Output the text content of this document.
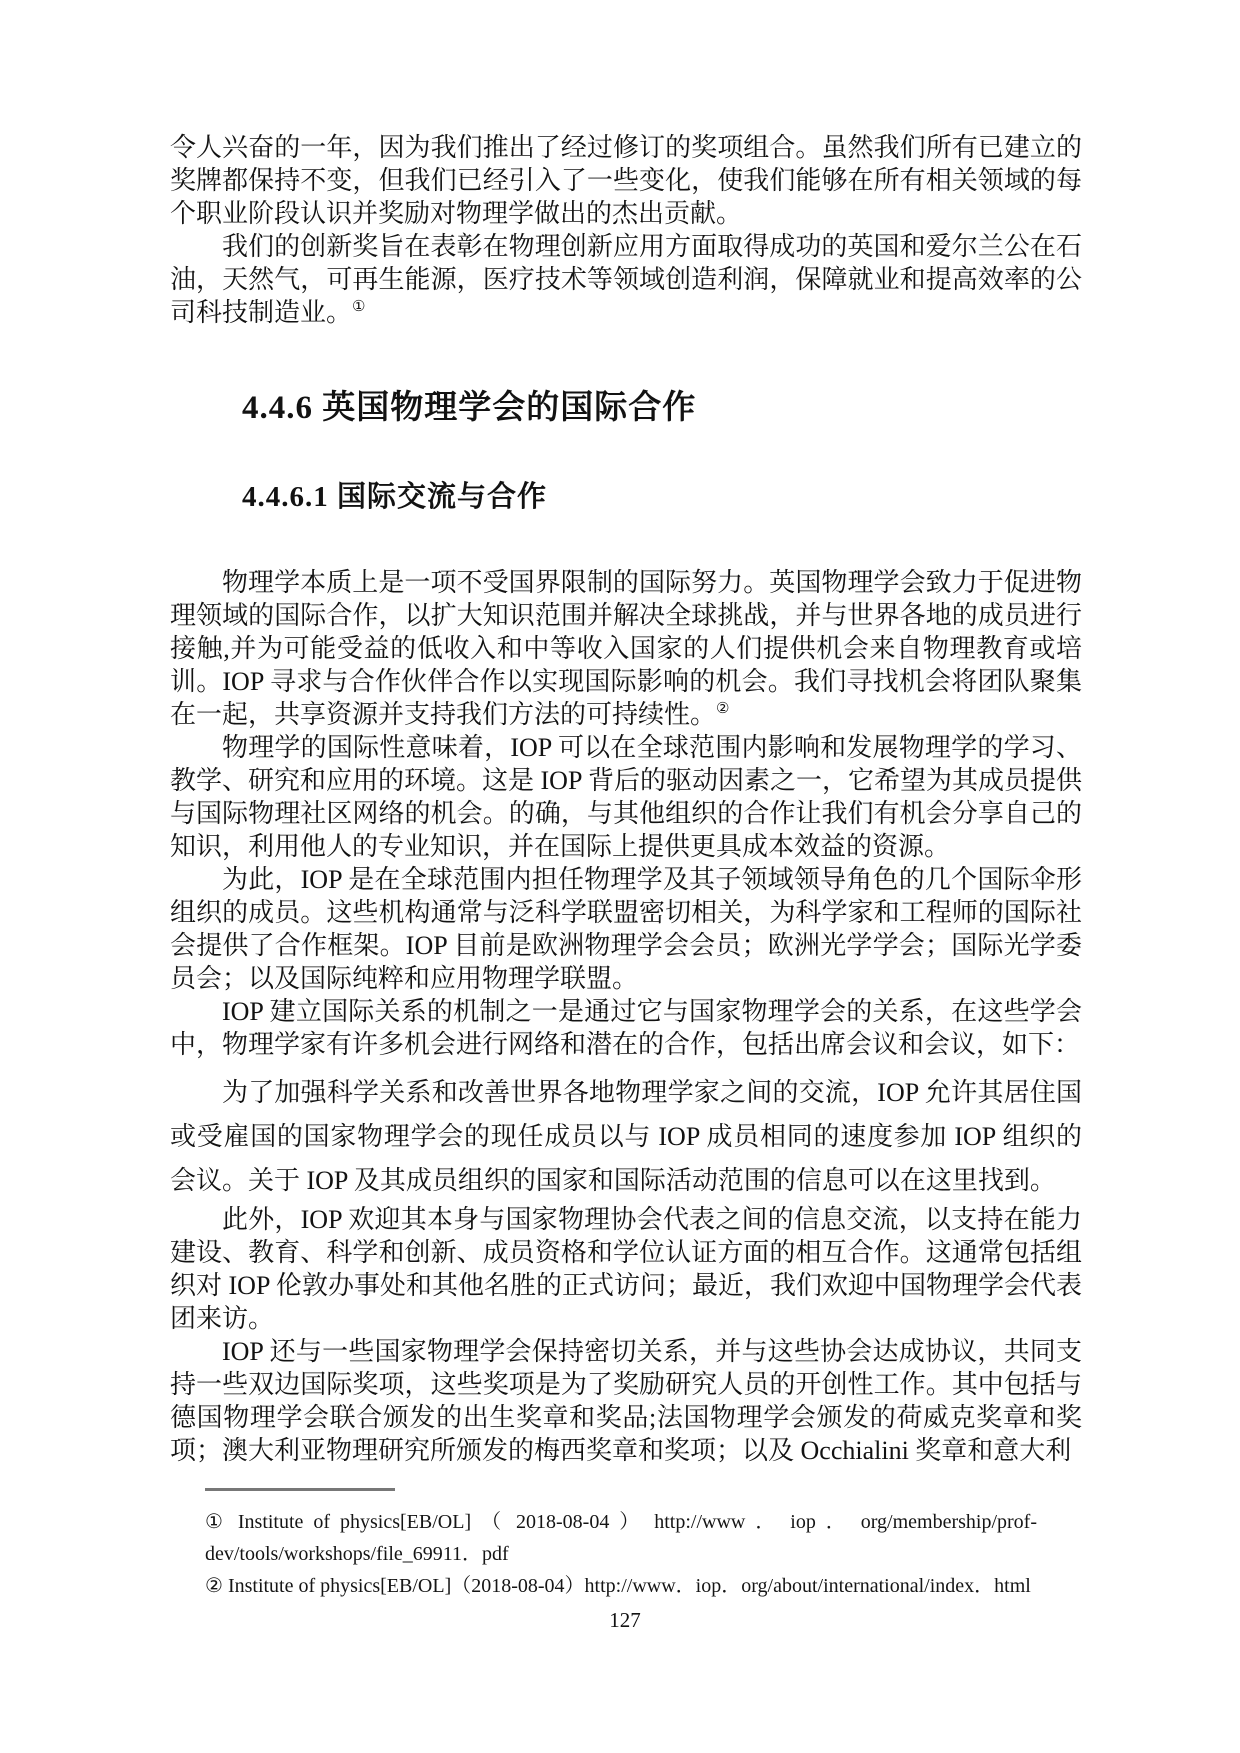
令人兴奋的一年，因为我们推出了经过修订的奖项组合。虽然我们所有已建立的奖牌都保持不变，但我们已经引入了一些变化，使我们能够在所有相关领域的每个职业阶段认识并奖励对物理学做出的杰出贡献。

我们的创新奖旨在表彰在物理创新应用方面取得成功的英国和爱尔兰公在石油，天然气，可再生能源，医疗技术等领域创造利润，保障就业和提高效率的公司科技制造业。①

4.4.6 英国物理学会的国际合作
4.4.6.1 国际交流与合作

物理学本质上是一项不受国界限制的国际努力。英国物理学会致力于促进物理领域的国际合作，以扩大知识范围并解决全球挑战，并与世界各地的成员进行接触,并为可能受益的低收入和中等收入国家的人们提供机会来自物理教育或培训。IOP 寻求与合作伙伴合作以实现国际影响的机会。我们寻找机会将团队聚集在一起，共享资源并支持我们方法的可持续性。②

物理学的国际性意味着，IOP 可以在全球范围内影响和发展物理学的学习、教学、研究和应用的环境。这是 IOP 背后的驱动因素之一，它希望为其成员提供与国际物理社区网络的机会。的确，与其他组织的合作让我们有机会分享自己的知识，利用他人的专业知识，并在国际上提供更具成本效益的资源。

为此，IOP 是在全球范围内担任物理学及其子领域领导角色的几个国际伞形组织的成员。这些机构通常与泛科学联盟密切相关，为科学家和工程师的国际社会提供了合作框架。IOP 目前是欧洲物理学会会员；欧洲光学学会；国际光学委员会；以及国际纯粹和应用物理学联盟。

IOP 建立国际关系的机制之一是通过它与国家物理学会的关系，在这些学会中，物理学家有许多机会进行网络和潜在的合作，包括出席会议和会议，如下：

为了加强科学关系和改善世界各地物理学家之间的交流，IOP 允许其居住国或受雇国的国家物理学会的现任成员以与 IOP 成员相同的速度参加 IOP 组织的会议。关于 IOP 及其成员组织的国家和国际活动范围的信息可以在这里找到。

此外，IOP 欢迎其本身与国家物理协会代表之间的信息交流，以支持在能力建设、教育、科学和创新、成员资格和学位认证方面的相互合作。这通常包括组织对 IOP 伦敦办事处和其他名胜的正式访问；最近，我们欢迎中国物理学会代表团来访。

IOP 还与一些国家物理学会保持密切关系，并与这些协会达成协议，共同支持一些双边国际奖项，这些奖项是为了奖励研究人员的开创性工作。其中包括与德国物理学会联合颁发的出生奖章和奖品;法国物理学会颁发的荷威克奖章和奖项；澳大利亚物理研究所颁发的梅西奖章和奖项；以及 Occhialini 奖章和意大利

① Institute of physics[EB/OL] （ 2018-08-04 ） http://www ． iop ． org/membership/prof-
dev/tools/workshops/file_69911．pdf
② Institute of physics[EB/OL]（2018-08-04）http://www．iop．org/about/international/index．html
127
